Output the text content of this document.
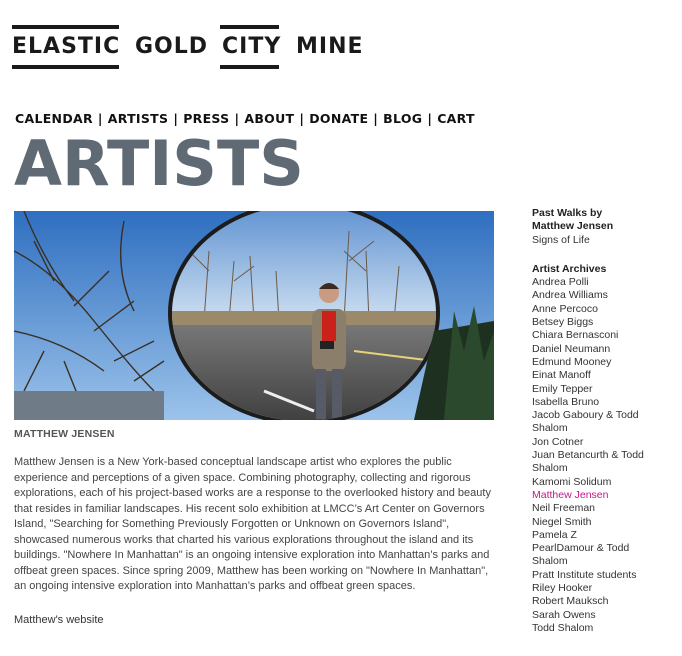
ELASTIC GOLD CITY MINE
CALENDAR | ARTISTS | PRESS | ABOUT | DONATE | BLOG | CART
ARTISTS
MATTHEW JENSEN

Matthew Jensen is a New York-based conceptual landscape artist who explores the public experience and perceptions of a given space. Combining photography, collecting and rigorous explorations, each of his project-based works are a response to the overlooked history and beauty that resides in familiar landscapes. His recent solo exhibition at LMCC’s Art Center on Governors Island, "Searching for Something Previously Forgotten or Unknown on Governors Island", showcased numerous works that charted his various explorations throughout the island and its buildings. "Nowhere In Manhattan" is an ongoing intensive exploration into Manhattan’s parks and offbeat green spaces. Since spring 2009, Matthew has been working on "Nowhere In Manhattan", an ongoing intensive exploration into Manhattan’s parks and offbeat green spaces.

Matthew's website
Past Walks by Matthew Jensen
Signs of Life
Artist Archives
Andrea Polli
Andrea Williams
Anne Percoco
Betsey Biggs
Chiara Bernasconi
Daniel Neumann
Edmund Mooney
Einat Manoff
Emily Tepper
Isabella Bruno
Jacob Gaboury & Todd Shalom
Jon Cotner
Juan Betancurth & Todd Shalom
Kamomi Solidum
Matthew Jensen
Neil Freeman
Niegel Smith
Pamela Z
PearlDamour & Todd Shalom
Pratt Institute students
Riley Hooker
Robert Mauksch
Sarah Owens
Todd Shalom
